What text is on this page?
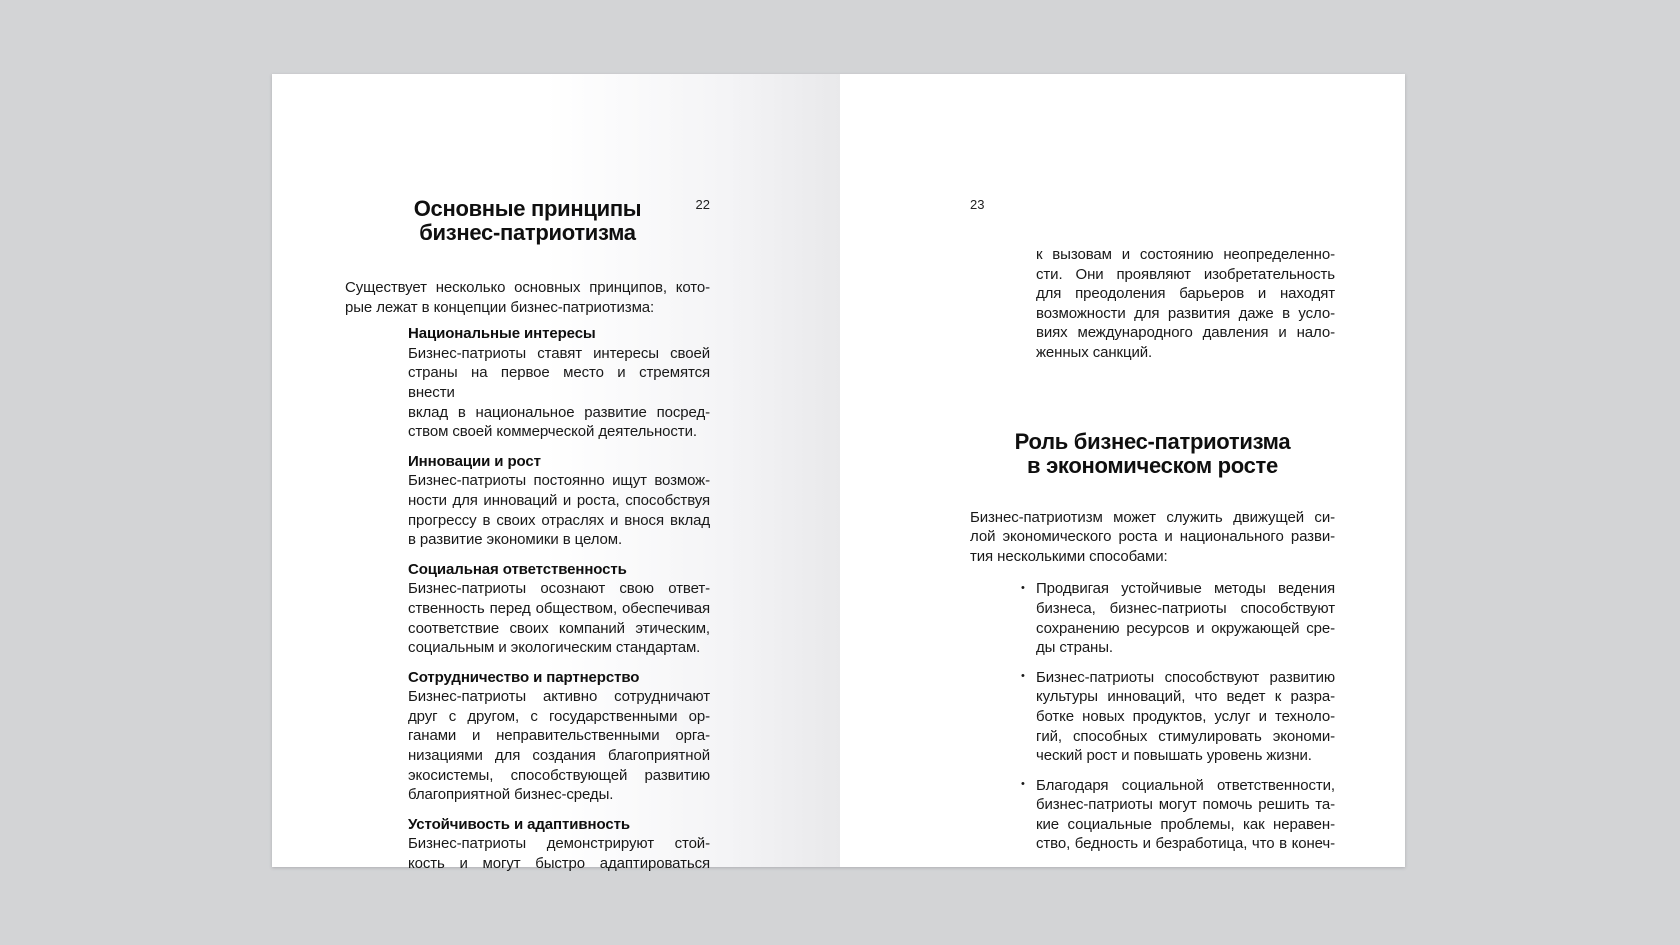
22
Основные принципы
бизнес-патриотизма
Существует несколько основных принципов, кото-
рые лежат в концепции бизнес-патриотизма:
Национальные интересы
Бизнес-патриоты ставят интересы своей
страны на первое место и стремятся внести
вклад в национальное развитие посред-
ством своей коммерческой деятельности.
Инновации и рост
Бизнес-патриоты постоянно ищут возмож-
ности для инноваций и роста, способствуя
прогрессу в своих отраслях и внося вклад
в развитие экономики в целом.
Социальная ответственность
Бизнес-патриоты осознают свою ответ-
ственность перед обществом, обеспечивая
соответствие своих компаний этическим,
социальным и экологическим стандартам.
Сотрудничество и партнерство
Бизнес-патриоты активно сотрудничают
друг с другом, с государственными ор-
ганами и неправительственными орга-
низациями для создания благоприятной
экосистемы, способствующей развитию
благоприятной бизнес-среды.
Устойчивость и адаптивность
Бизнес-патриоты демонстрируют стой-
кость и могут быстро адаптироваться
23
к вызовам и состоянию неопределенно-
сти. Они проявляют изобретательность
для преодоления барьеров и находят
возможности для развития даже в усло-
виях международного давления и нало-
женных санкций.
Роль бизнес-патриотизма
в экономическом росте
Бизнес-патриотизм может служить движущей си-
лой экономического роста и национального разви-
тия несколькими способами:
• Продвигая устойчивые методы ведения
бизнеса, бизнес-патриоты способствуют
сохранению ресурсов и окружающей сре-
ды страны.
• Бизнес-патриоты способствуют развитию
культуры инноваций, что ведет к разра-
ботке новых продуктов, услуг и техноло-
гий, способных стимулировать экономи-
ческий рост и повышать уровень жизни.
• Благодаря социальной ответственности,
бизнес-патриоты могут помочь решить та-
кие социальные проблемы, как неравен-
ство, бедность и безработица, что в конеч-
